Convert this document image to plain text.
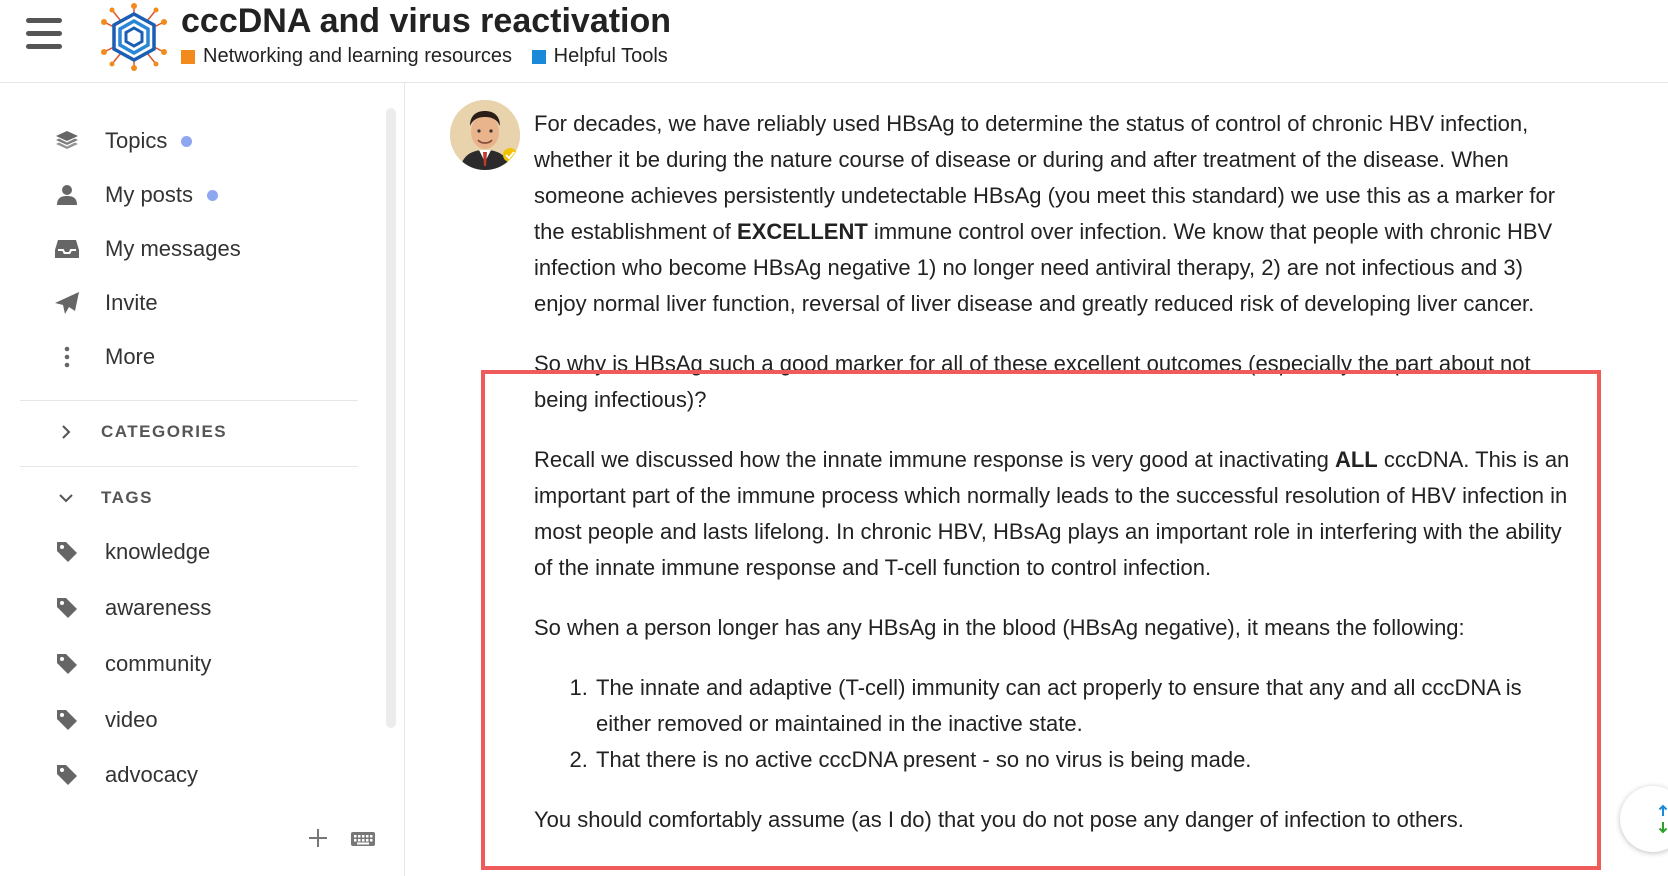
cccDNA and virus reactivation
Networking and learning resources
Helpful Tools
Topics
My posts
My messages
Invite
More
CATEGORIES
TAGS
knowledge
awareness
community
video
advocacy

For decades, we have reliably used HBsAg to determine the status of control of chronic HBV infection, whether it be during the nature course of disease or during and after treatment of the disease. When someone achieves persistently undetectable HBsAg (you meet this standard) we use this as a marker for the establishment of EXCELLENT immune control over infection. We know that people with chronic HBV infection who become HBsAg negative 1) no longer need antiviral therapy, 2) are not infectious and 3) enjoy normal liver function, reversal of liver disease and greatly reduced risk of developing liver cancer.

So why is HBsAg such a good marker for all of these excellent outcomes (especially the part about not being infectious)?

Recall we discussed how the innate immune response is very good at inactivating ALL cccDNA. This is an important part of the immune process which normally leads to the successful resolution of HBV infection in most people and lasts lifelong. In chronic HBV, HBsAg plays an important role in interfering with the ability of the innate immune response and T-cell function to control infection.

So when a person longer has any HBsAg in the blood (HBsAg negative), it means the following:

1. The innate and adaptive (T-cell) immunity can act properly to ensure that any and all cccDNA is either removed or maintained in the inactive state.
2. That there is no active cccDNA present - so no virus is being made.

You should comfortably assume (as I do) that you do not pose any danger of infection to others.
